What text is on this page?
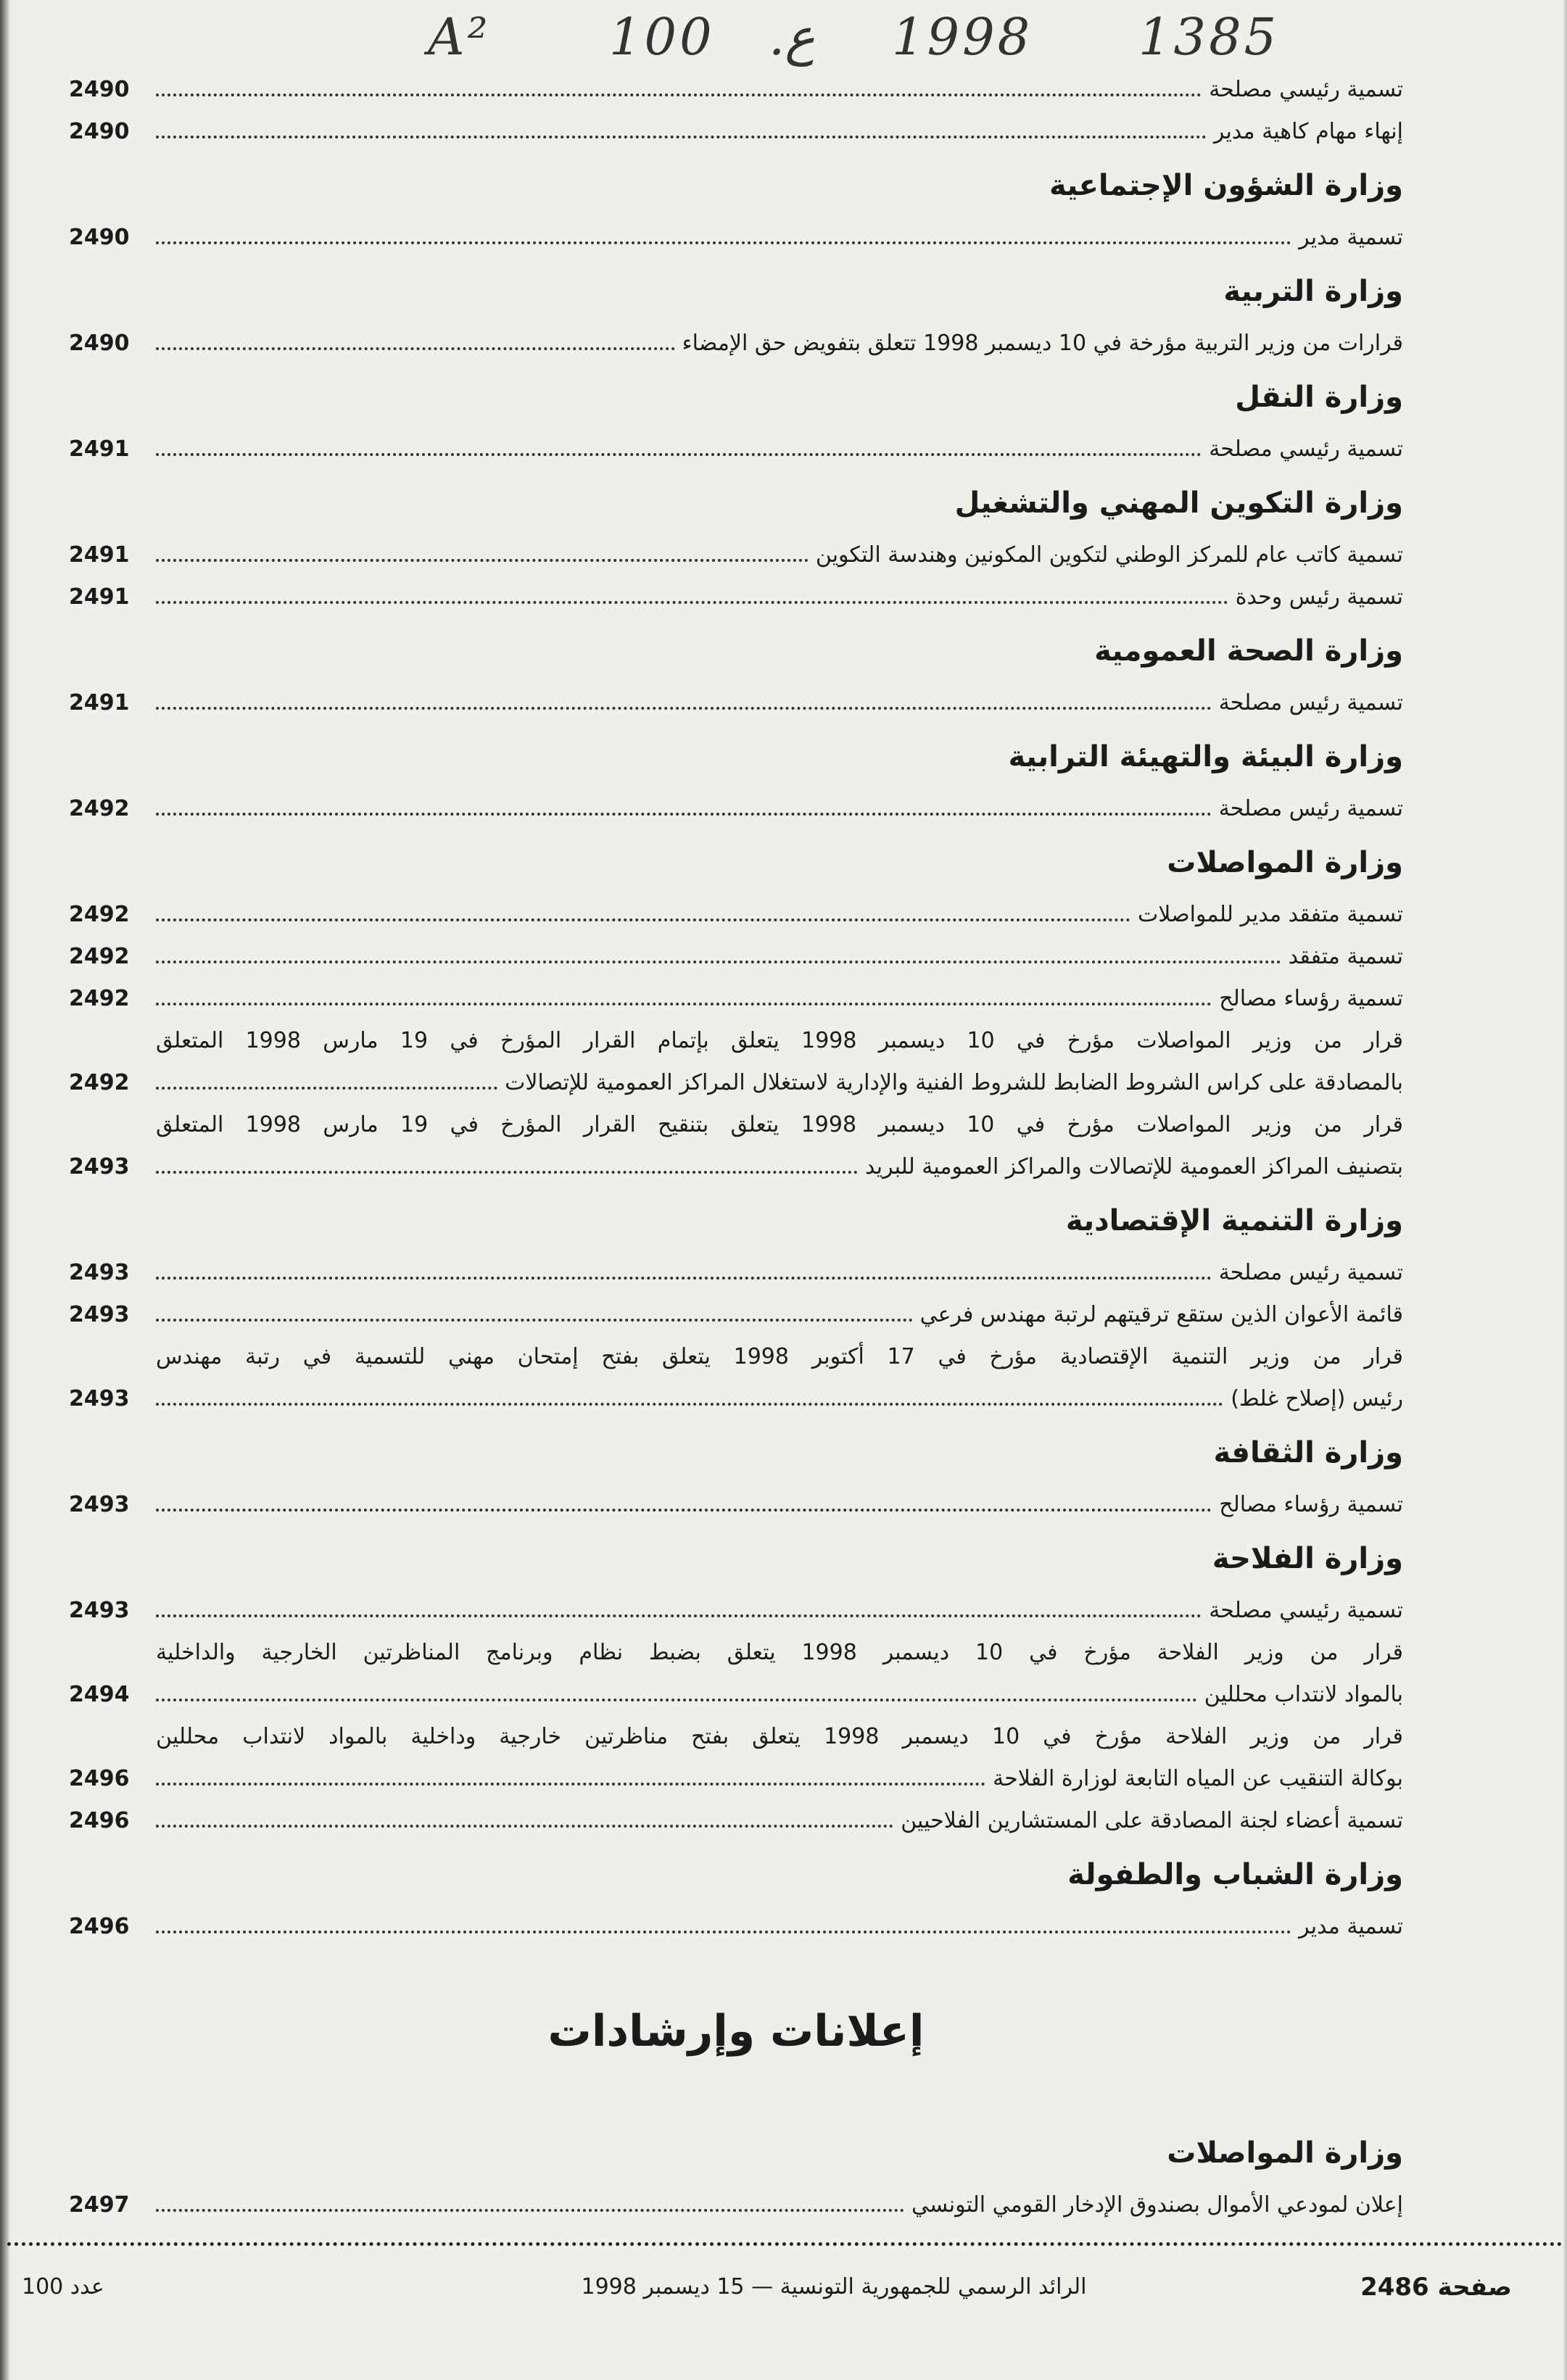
A² 100 .ع 1998 1385
تسمية رئيسي مصلحة
2490
إنهاء مهام كاهية مدير
2490
وزارة الشؤون الإجتماعية
تسمية مدير
2490
وزارة التربية
قرارات من وزير التربية مؤرخة في 10 ديسمبر 1998 تتعلق بتفويض حق الإمضاء
2490
وزارة النقل
تسمية رئيسي مصلحة
2491
وزارة التكوين المهني والتشغيل
تسمية كاتب عام للمركز الوطني لتكوين المكونين وهندسة التكوين
2491
تسمية رئيس وحدة
2491
وزارة الصحة العمومية
تسمية رئيس مصلحة
2491
وزارة البيئة والتهيئة الترابية
تسمية رئيس مصلحة
2492
وزارة المواصلات
تسمية متفقد مدير للمواصلات
2492
تسمية متفقد
2492
تسمية رؤساء مصالح
2492
قرار من وزير المواصلات مؤرخ في 10 ديسمبر 1998 يتعلق بإتمام القرار المؤرخ في 19 مارس 1998 المتعلق
بالمصادقة على كراس الشروط الضابط للشروط الفنية والإدارية لاستغلال المراكز العمومية للإتصالات
2492
قرار من وزير المواصلات مؤرخ في 10 ديسمبر 1998 يتعلق بتنقيح القرار المؤرخ في 19 مارس 1998 المتعلق
بتصنيف المراكز العمومية للإتصالات والمراكز العمومية للبريد
2493
وزارة التنمية الإقتصادية
تسمية رئيس مصلحة
2493
قائمة الأعوان الذين ستقع ترقيتهم لرتبة مهندس فرعي
2493
قرار من وزير التنمية الإقتصادية مؤرخ في 17 أكتوبر 1998 يتعلق بفتح إمتحان مهني للتسمية في رتبة مهندس
رئيس (إصلاح غلط)
2493
وزارة الثقافة
تسمية رؤساء مصالح
2493
وزارة الفلاحة
تسمية رئيسي مصلحة
2493
قرار من وزير الفلاحة مؤرخ في 10 ديسمبر 1998 يتعلق بضبط نظام وبرنامج المناظرتين الخارجية والداخلية
بالمواد لانتداب محللين
2494
قرار من وزير الفلاحة مؤرخ في 10 ديسمبر 1998 يتعلق بفتح مناظرتين خارجية وداخلية بالمواد لانتداب محللين
بوكالة التنقيب عن المياه التابعة لوزارة الفلاحة
2496
تسمية أعضاء لجنة المصادقة على المستشارين الفلاحيين
2496
وزارة الشباب والطفولة
تسمية مدير
2496
إعلانات وإرشادات
وزارة المواصلات
إعلان لمودعي الأموال بصندوق الإدخار القومي التونسي
2497
صفحة 2486
الرائد الرسمي للجمهورية التونسية — 15 ديسمبر 1998
عدد 100
